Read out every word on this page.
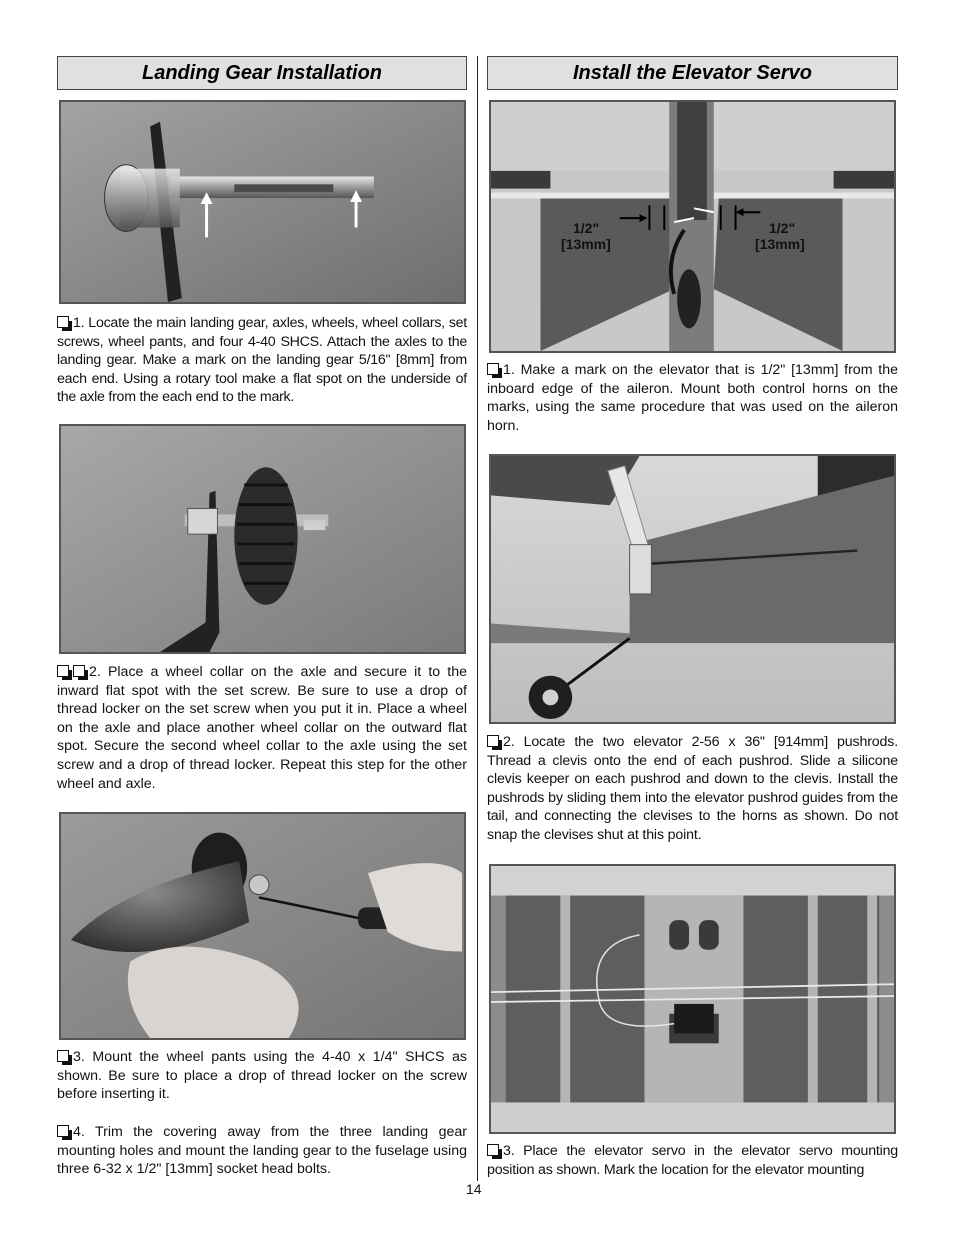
Landing Gear Installation

1. Locate the main landing gear, axles, wheels, wheel collars, set screws, wheel pants, and four 4-40 SHCS. Attach the axles to the landing gear. Make a mark on the landing gear 5/16" [8mm] from each end. Using a rotary tool make a flat spot on the underside of the axle from the each end to the mark.

2. Place a wheel collar on the axle and secure it to the inward flat spot with the set screw. Be sure to use a drop of thread locker on the set screw when you put it in. Place a wheel on the axle and place another wheel collar on the outward flat spot. Secure the second wheel collar to the axle using the set screw and a drop of thread locker. Repeat this step for the other wheel and axle.

3. Mount the wheel pants using the 4-40 x 1/4" SHCS as shown. Be sure to place a drop of thread locker on the screw before inserting it.

4. Trim the covering away from the three landing gear mounting holes and mount the landing gear to the fuselage using three 6-32 x 1/2" [13mm] socket head bolts.

Install the Elevator Servo
1/2"
[13mm]
1/2"
[13mm]

1. Make a mark on the elevator that is 1/2" [13mm] from the inboard edge of the aileron. Mount both control horns on the marks, using the same procedure that was used on the aileron horn.

2. Locate the two elevator 2-56 x 36" [914mm] pushrods. Thread a clevis onto the end of each pushrod. Slide a silicone clevis keeper on each pushrod and down to the clevis. Install the pushrods by sliding them into the elevator pushrod guides from the tail, and connecting the clevises to the horns as shown. Do not snap the clevises shut at this point.

3. Place the elevator servo in the elevator servo mounting position as shown. Mark the location for the elevator mounting

14
